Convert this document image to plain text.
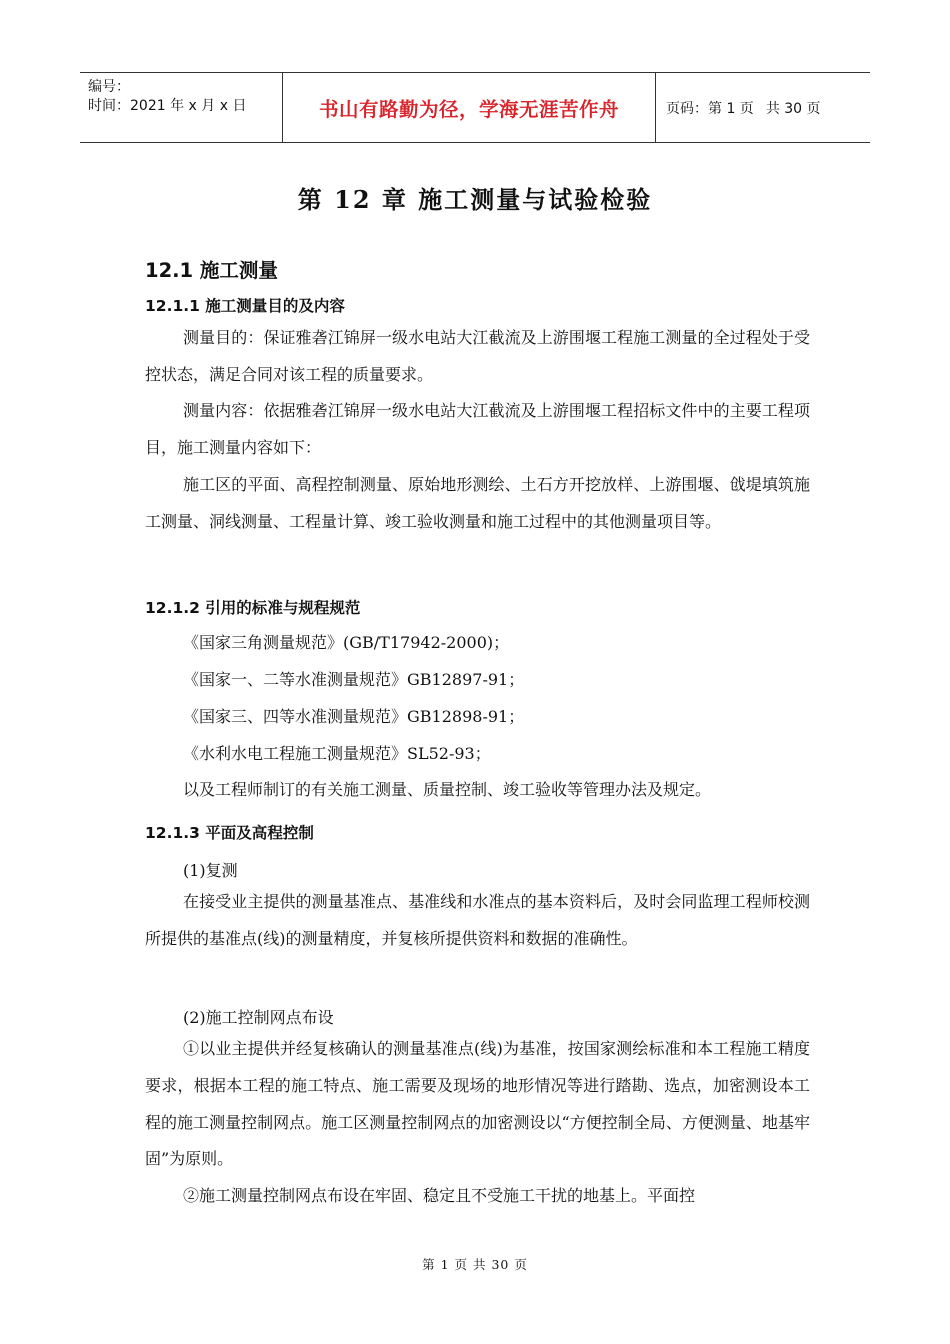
编号：
时间：2021 年 x 月 x 日	书山有路勤为径，学海无涯苦作舟	页码：第 1 页 共 30 页
第 12 章 施工测量与试验检验
12.1 施工测量
12.1.1 施工测量目的及内容
测量目的：保证雅砻江锦屏一级水电站大江截流及上游围堰工程施工测量的全过程处于受控状态，满足合同对该工程的质量要求。
测量内容：依据雅砻江锦屏一级水电站大江截流及上游围堰工程招标文件中的主要工程项目，施工测量内容如下：
施工区的平面、高程控制测量、原始地形测绘、土石方开挖放样、上游围堰、戗堤填筑施工测量、洞线测量、工程量计算、竣工验收测量和施工过程中的其他测量项目等。
12.1.2 引用的标准与规程规范
《国家三角测量规范》(GB/T17942-2000)；
《国家一、二等水准测量规范》GB12897-91；
《国家三、四等水准测量规范》GB12898-91；
《水利水电工程施工测量规范》SL52-93；
以及工程师制订的有关施工测量、质量控制、竣工验收等管理办法及规定。
12.1.3 平面及高程控制
(1)复测
在接受业主提供的测量基准点、基准线和水准点的基本资料后，及时会同监理工程师校测所提供的基准点(线)的测量精度，并复核所提供资料和数据的准确性。
(2)施工控制网点布设
①以业主提供并经复核确认的测量基准点(线)为基准，按国家测绘标准和本工程施工精度要求，根据本工程的施工特点、施工需要及现场的地形情况等进行踏勘、选点，加密测设本工程的施工测量控制网点。施工区测量控制网点的加密测设以“方便控制全局、方便测量、地基牢固”为原则。
②施工测量控制网点布设在牢固、稳定且不受施工干扰的地基上。平面控
第 1 页 共 30 页
